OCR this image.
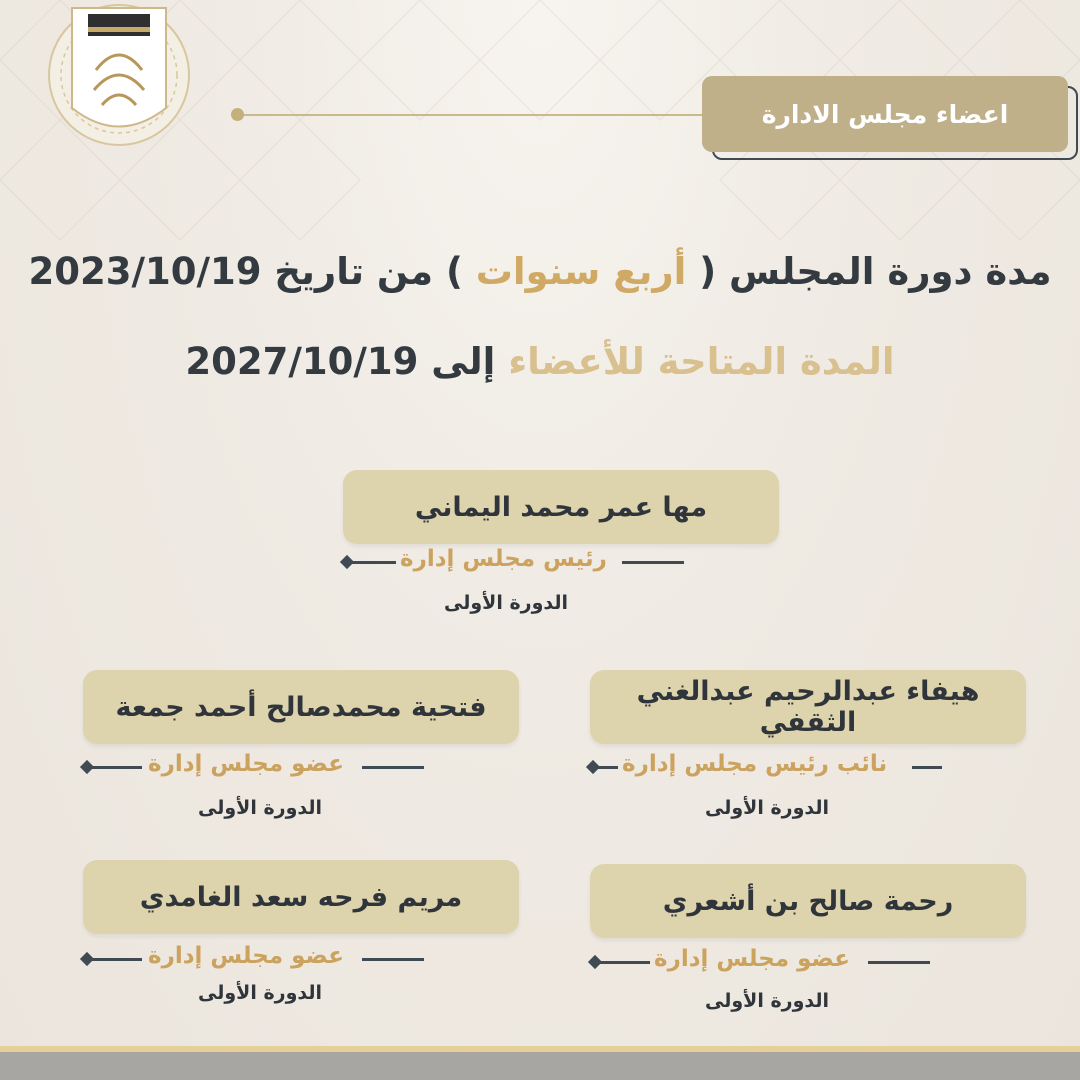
اعضاء مجلس الادارة
مدة دورة المجلس ( أربع سنوات ) من تاريخ 2023/10/19
المدة المتاحة للأعضاء إلى 2027/10/19
مها عمر محمد اليماني
رئيس مجلس إدارة
الدورة الأولى
هيفاء عبدالرحيم عبدالغني الثقفي
نائب رئيس مجلس إدارة
الدورة الأولى
فتحية محمدصالح أحمد جمعة
عضو مجلس إدارة
الدورة الأولى
رحمة صالح بن أشعري
عضو مجلس إدارة
الدورة الأولى
مريم فرحه سعد الغامدي
عضو مجلس إدارة
الدورة الأولى
